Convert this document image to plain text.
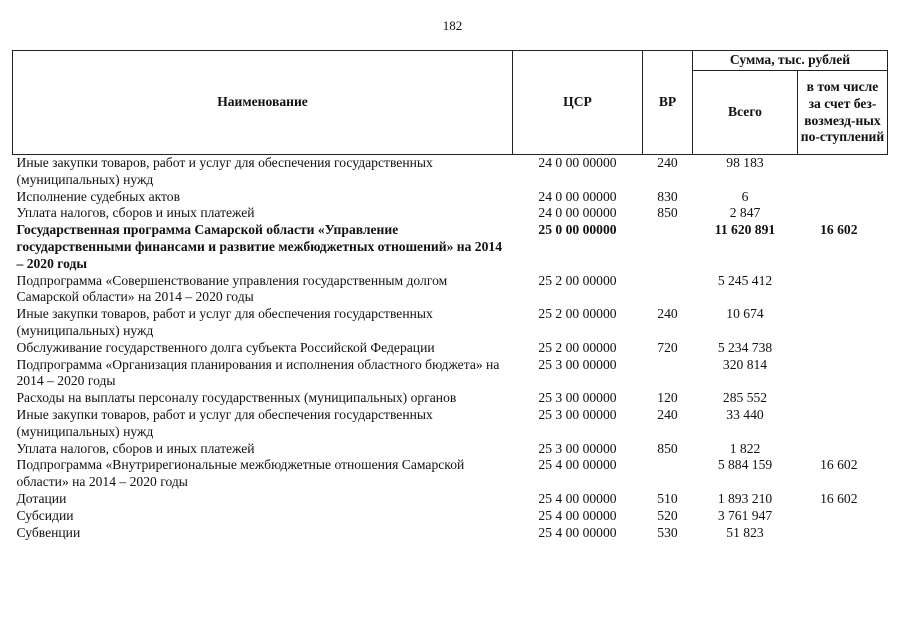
182
Наименование	ЦСР	ВР	Сумма, тыс. рублей	
			Всего	в том числе за счет без-возмезд-ных по-ступлений
Иные закупки товаров, работ и услуг для обеспечения государственных (муниципальных) нужд	24 0 00 00000	240	98 183	
Исполнение судебных актов	24 0 00 00000	830	6	
Уплата налогов, сборов и иных платежей	24 0 00 00000	850	2 847	
Государственная программа Самарской области «Управление государственными финансами и развитие межбюджетных отношений» на 2014 – 2020 годы	25 0 00 00000		11 620 891	16 602
Подпрограмма «Совершенствование управления государственным долгом Самарской области» на 2014 – 2020 годы	25 2 00 00000		5 245 412	
Иные закупки товаров, работ и услуг для обеспечения государственных (муниципальных) нужд	25 2 00 00000	240	10 674	
Обслуживание государственного долга субъекта Российской Федерации	25 2 00 00000	720	5 234 738	
Подпрограмма «Организация планирования и исполнения областного бюджета» на 2014 – 2020 годы	25 3 00 00000		320 814	
Расходы на выплаты персоналу государственных (муниципальных) органов	25 3 00 00000	120	285 552	
Иные закупки товаров, работ и услуг для обеспечения государственных (муниципальных) нужд	25 3 00 00000	240	33 440	
Уплата налогов, сборов и иных платежей	25 3 00 00000	850	1 822	
Подпрограмма «Внутрирегиональные межбюджетные отношения Самарской области» на 2014 – 2020 годы	25 4 00 00000		5 884 159	16 602
Дотации	25 4 00 00000	510	1 893 210	16 602
Субсидии	25 4 00 00000	520	3 761 947	
Субвенции	25 4 00 00000	530	51 823	
